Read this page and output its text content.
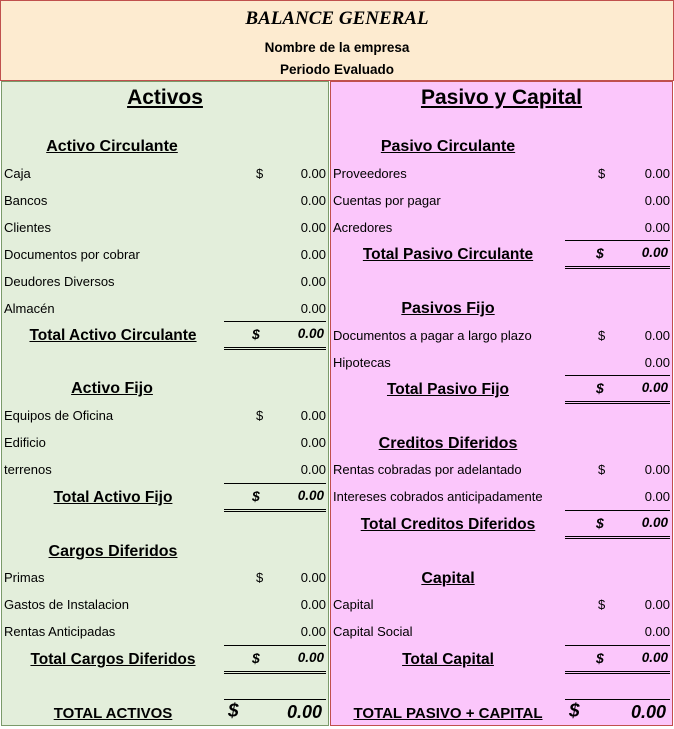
BALANCE GENERAL
Nombre de la empresa
Periodo Evaluado
Activos
Activo Circulante
Caja	$	0.00
Bancos	0.00
Clientes	0.00
Documentos por cobrar	0.00
Deudores Diversos	0.00
Almacén	0.00
Total Activo Circulante	$	0.00
Activo Fijo
Equipos de Oficina	$	0.00
Edificio	0.00
terrenos	0.00
Total Activo Fijo	$	0.00
Cargos Diferidos
Primas	$	0.00
Gastos de Instalacion	0.00
Rentas Anticipadas	0.00
Total Cargos Diferidos	$	0.00
TOTAL ACTIVOS	$	0.00
Pasivo y Capital
Pasivo Circulante
Proveedores	$	0.00
Cuentas por pagar	0.00
Acredores	0.00
Total Pasivo Circulante	$	0.00
Pasivos Fijo
Documentos a pagar a largo plazo	$	0.00
Hipotecas	0.00
Total Pasivo Fijo	$	0.00
Creditos Diferidos
Rentas cobradas por adelantado	$	0.00
Intereses cobrados anticipadamente	0.00
Total Creditos Diferidos	$	0.00
Capital
Capital	$	0.00
Capital Social	0.00
Total Capital	$	0.00
TOTAL PASIVO + CAPITAL	$	0.00
